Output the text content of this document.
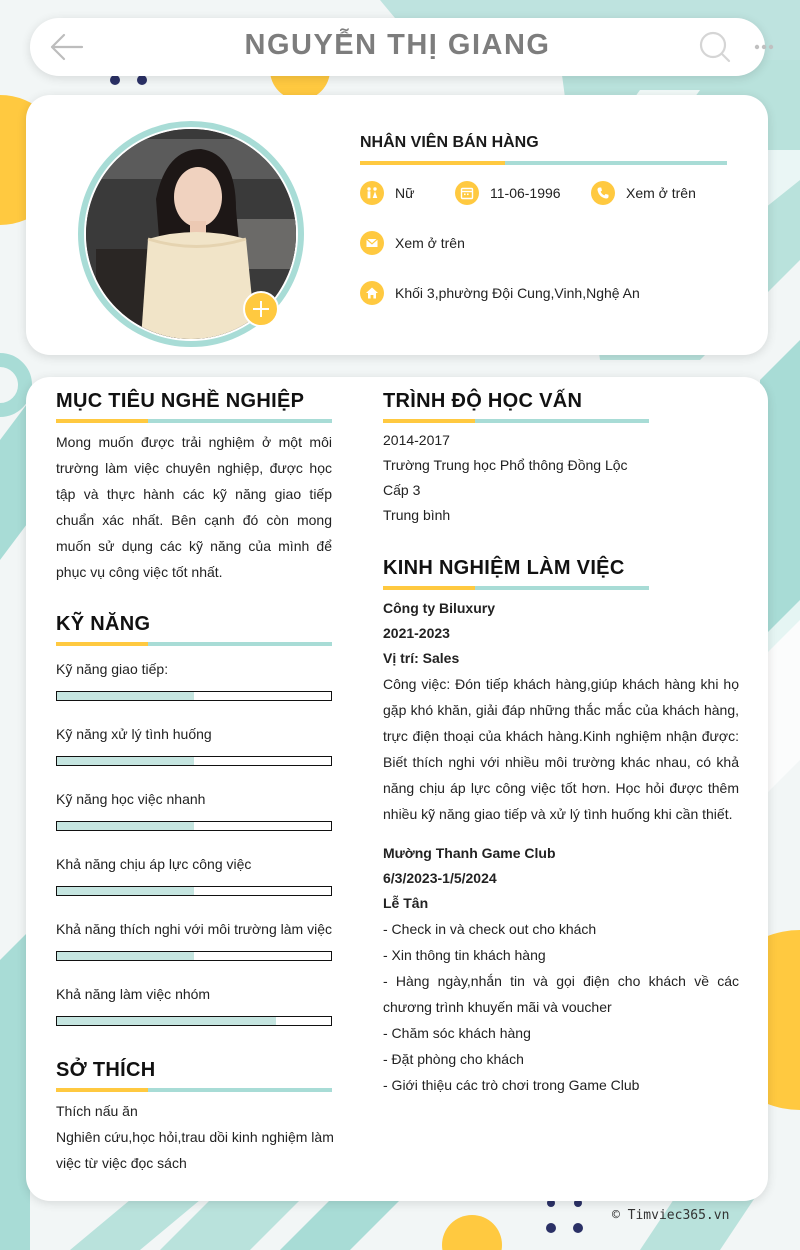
NGUYỄN THỊ GIANG
NHÂN VIÊN BÁN HÀNG
Nữ	11-06-1996	Xem ở trên
Xem ở trên
Khối 3,phường Đội Cung,Vinh,Nghệ An
MỤC TIÊU NGHỀ NGHIỆP
Mong muốn được trải nghiệm ở một môi trường làm việc chuyên nghiệp, được học tập và thực hành các kỹ năng giao tiếp chuẩn xác nhất. Bên cạnh đó còn mong muốn sử dụng các kỹ năng của mình để phục vụ công việc tốt nhất.
KỸ NĂNG
Kỹ năng giao tiếp:
Kỹ năng xử lý tình huống
Kỹ năng học việc nhanh
Khả năng chịu áp lực công việc
Khả năng thích nghi với môi trường làm việc
Khả năng làm việc nhóm
SỞ THÍCH
Thích nấu ăn
Nghiên cứu,học hỏi,trau dồi kinh nghiệm làm việc từ việc đọc sách
TRÌNH ĐỘ HỌC VẤN
2014-2017
Trường Trung học Phổ thông Đồng Lộc
Cấp 3
Trung bình
KINH NGHIỆM LÀM VIỆC
Công ty Biluxury
2021-2023
Vị trí: Sales
Công việc: Đón tiếp khách hàng,giúp khách hàng khi họ gặp khó khăn, giải đáp những thắc mắc của khách hàng, trực điện thoại của khách hàng.Kinh nghiệm nhận được: Biết thích nghi với nhiều môi trường khác nhau, có khả năng chịu áp lực công việc tốt hơn. Học hỏi được thêm nhiều kỹ năng giao tiếp và xử lý tình huống khi cần thiết.
Mường Thanh Game Club
6/3/2023-1/5/2024
Lễ Tân
- Check in và check out cho khách
- Xin thông tin khách hàng
- Hàng ngày,nhắn tin và gọi điện cho khách về các chương trình khuyến mãi và voucher
- Chăm sóc khách hàng
- Đặt phòng cho khách
- Giới thiệu các trò chơi trong Game Club
© Timviec365.vn
